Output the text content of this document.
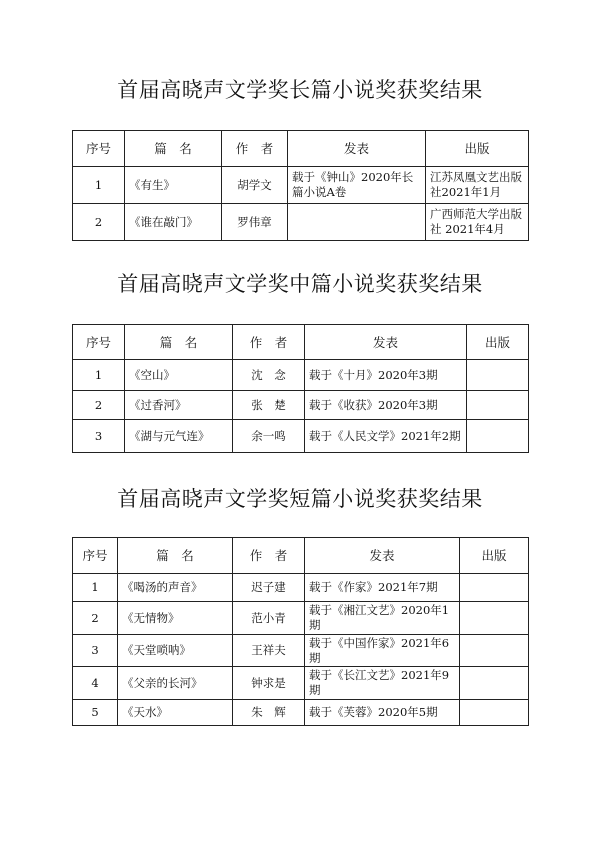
首届高晓声文学奖长篇小说奖获奖结果
序号	篇　名	作　者	发表	出版
1	《有生》	胡学文	载于《钟山》2020年长篇小说A卷	江苏凤凰文艺出版社2021年1月
2	《谁在敲门》	罗伟章		广西师范大学出版社 2021年4月
首届高晓声文学奖中篇小说奖获奖结果
序号	篇　名	作　者	发表	出版
1	《空山》	沈　念	载于《十月》2020年3期	
2	《过香河》	张　楚	载于《收获》2020年3期	
3	《湖与元气连》	余一鸣	载于《人民文学》2021年2期	
首届高晓声文学奖短篇小说奖获奖结果
序号	篇　名	作　者	发表	出版
1	《喝汤的声音》	迟子建	载于《作家》2021年7期	
2	《无情物》	范小青	载于《湘江文艺》2020年1期	
3	《天堂唢呐》	王祥夫	载于《中国作家》2021年6期	
4	《父亲的长河》	钟求是	载于《长江文艺》2021年9期	
5	《天水》	朱　辉	载于《芙蓉》2020年5期	
